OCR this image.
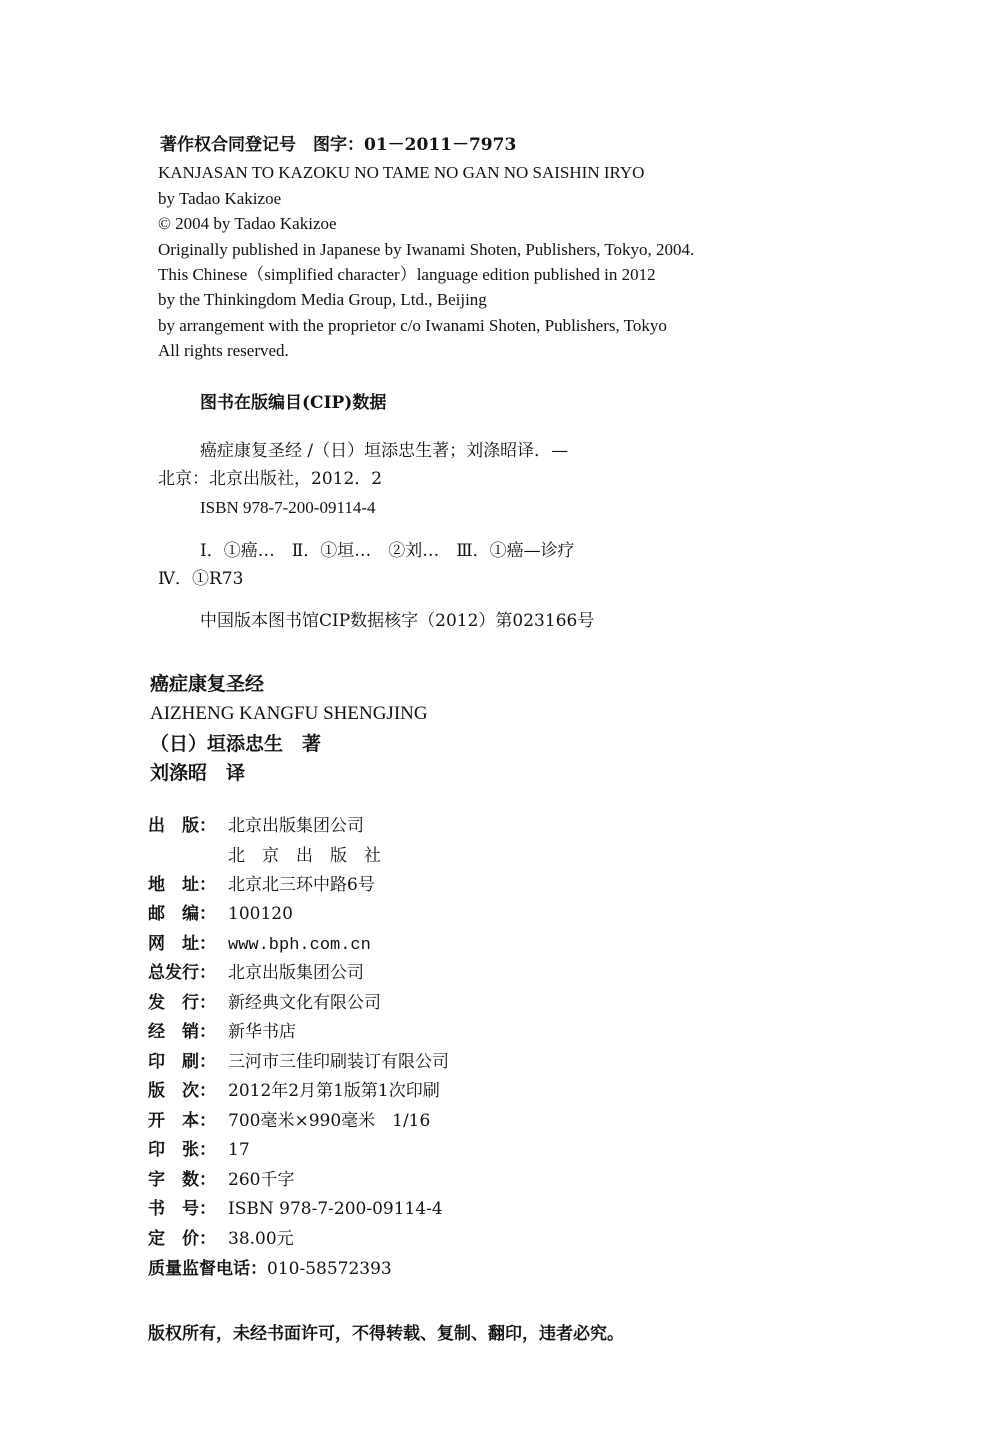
著作权合同登记号　图字：01－2011－7973
KANJASAN TO KAZOKU NO TAME NO GAN NO SAISHIN IRYO
by Tadao Kakizoe
© 2004 by Tadao Kakizoe
Originally published in Japanese by Iwanami Shoten, Publishers, Tokyo, 2004.
This Chinese（simplified character）language edition published in 2012
by the Thinkingdom Media Group, Ltd., Beijing
by arrangement with the proprietor c/o Iwanami Shoten, Publishers, Tokyo
All rights reserved.
图书在版编目(CIP)数据
癌症康复圣经 /（日）垣添忠生著；刘涤昭译．—
北京：北京出版社，2012．2
ISBN 978-7-200-09114-4
Ⅰ．①癌…　Ⅱ．①垣…　②刘…　Ⅲ．①癌—诊疗
Ⅳ．①R73
中国版本图书馆CIP数据核字（2012）第023166号
癌症康复圣经
AIZHENG KANGFU SHENGJING
（日）垣添忠生　著
刘涤昭　译
出　版： 北京出版集团公司
北　京　出　版　社
地　址： 北京北三环中路6号
邮　编： 100120
网　址： www.bph.com.cn
总发行： 北京出版集团公司
发　行： 新经典文化有限公司
经　销： 新华书店
印　刷： 三河市三佳印刷装订有限公司
版　次： 2012年2月第1版第1次印刷
开　本： 700毫米×990毫米　1/16
印　张： 17
字　数： 260千字
书　号： ISBN 978-7-200-09114-4
定　价： 38.00元
质量监督电话：010-58572393
版权所有，未经书面许可，不得转载、复制、翻印，违者必究。
